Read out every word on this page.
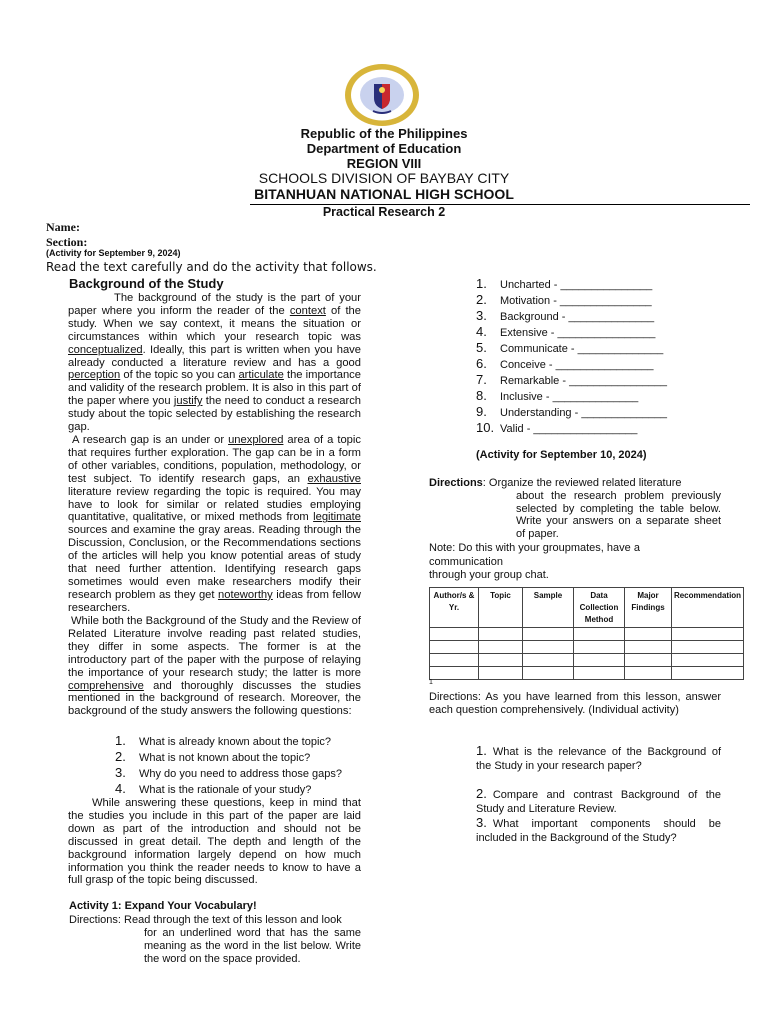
Republic of the Philippines

Department of Education

REGION VIII

SCHOOLS DIVISION OF BAYBAY CITY

BITANHUAN NATIONAL HIGH SCHOOL

Practical Research 2

Name:

Section:

(Activity for September 9, 2024)

Read the text carefully and do the activity that follows.

Background of the Study

The background of the study is the part of your paper where you inform the reader of the context of the study. When we say context, it means the situation or circumstances within which your research topic was conceptualized. Ideally, this part is written when you have already conducted a literature review and has a good perception of the topic so you can articulate the importance and validity of the research problem. It is also in this part of the paper where you justify the need to conduct a research study about the topic selected by establishing the research gap.

A research gap is an under or unexplored area of a topic that requires further exploration. The gap can be in a form of other variables, conditions, population, methodology, or test subject. To identify research gaps, an exhaustive literature review regarding the topic is required. You may have to look for similar or related studies employing quantitative, qualitative, or mixed methods from legitimate sources and examine the gray areas. Reading through the Discussion, Conclusion, or the Recommendations sections of the articles will help you know potential areas of study that need further attention. Identifying research gaps sometimes would even make researchers modify their research problem as they get noteworthy ideas from fellow researchers.

While both the Background of the Study and the Review of Related Literature involve reading past related studies, they differ in some aspects. The former is at the introductory part of the paper with the purpose of relaying the importance of your research study; the latter is more comprehensive and thoroughly discusses the studies mentioned in the background of research. Moreover, the background of the study answers the following questions:

1. What is already known about the topic?
2. What is not known about the topic?
3. Why do you need to address those gaps?
4. What is the rationale of your study?

While answering these questions, keep in mind that the studies you include in this part of the paper are laid down as part of the introduction and should not be discussed in great detail. The depth and length of the background information largely depend on how much information you think the reader needs to know to have a full grasp of the topic being discussed.

Activity 1: Expand Your Vocabulary!

Directions: Read through the text of this lesson and look
for an underlined word that has the same meaning as the word in the list below. Write the word on the space provided.

1. Uncharted - _______________
2. Motivation - _______________
3. Background - ______________
4. Extensive - ________________
5. Communicate - ______________
6. Conceive - ________________
7. Remarkable - ________________
8. Inclusive - ______________
9. Understanding - ______________
10. Valid - _________________

(Activity for September 10, 2024)

Directions: Organize the reviewed related literature

about the research problem previously selected by completing the table below. Write your answers on a separate sheet of paper.

Note: Do this with your groupmates, have a communication
through your group chat.

Author/s & Yr.	Topic	Sample	Data Collection Method	Major Findings	Recommendation

1

Directions: As you have learned from this lesson, answer each question comprehensively. (Individual activity)

1. What is the relevance of the Background of the Study in your research paper?

2. Compare and contrast Background of the Study and Literature Review.

3. What important components should be included in the Background of the Study?
